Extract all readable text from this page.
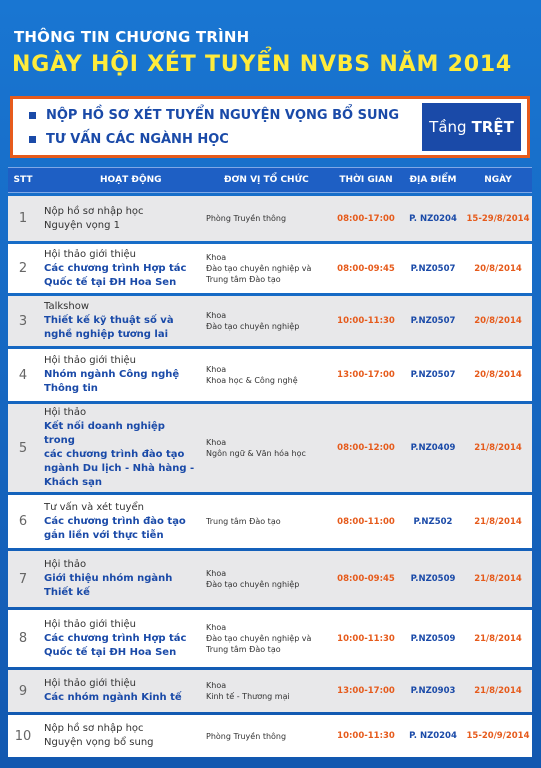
THÔNG TIN CHƯƠNG TRÌNH
NGÀY HỘI XÉT TUYỂN NVBS NĂM 2014
NỘP HỒ SƠ XÉT TUYỂN NGUYỆN VỌNG BỔ SUNG
TƯ VẤN CÁC NGÀNH HỌC
Tầng TRỆT
STT	HOẠT ĐỘNG	ĐƠN VỊ TỔ CHỨC	THỜI GIAN	ĐỊA ĐIỂM	NGÀY
1	Nộp hồ sơ nhập học
Nguyện vọng 1	Phòng Truyền thông	08:00-17:00	P. NZ0204	15-29/8/2014
2	Hội thảo giới thiệu
Các chương trình Hợp tác
Quốc tế tại ĐH Hoa Sen	Khoa
Đào tạo chuyên nghiệp và
Trung tâm Đào tạo	08:00-09:45	P.NZ0507	20/8/2014
3	Talkshow
Thiết kế kỹ thuật số và
nghề nghiệp tương lai	Khoa
Đào tạo chuyên nghiệp	10:00-11:30	P.NZ0507	20/8/2014
4	Hội thảo giới thiệu
Nhóm ngành Công nghệ
Thông tin	Khoa
Khoa học & Công nghệ	13:00-17:00	P.NZ0507	20/8/2014
5	Hội thảo
Kết nối doanh nghiệp trong
các chương trình đào tạo
ngành Du lịch - Nhà hàng -
Khách sạn	Khoa
Ngôn ngữ & Văn hóa học	08:00-12:00	P.NZ0409	21/8/2014
6	Tư vấn và xét tuyển
Các chương trình đào tạo
gắn liền với thực tiễn	Trung tâm Đào tạo	08:00-11:00	P.NZ502	21/8/2014
7	Hội thảo
Giới thiệu nhóm ngành
Thiết kế	Khoa
Đào tạo chuyên nghiệp	08:00-09:45	P.NZ0509	21/8/2014
8	Hội thảo giới thiệu
Các chương trình Hợp tác
Quốc tế tại ĐH Hoa Sen	Khoa
Đào tạo chuyên nghiệp và
Trung tâm Đào tạo	10:00-11:30	P.NZ0509	21/8/2014
9	Hội thảo giới thiệu
Các nhóm ngành Kinh tế	Khoa
Kinh tế - Thương mại	13:00-17:00	P.NZ0903	21/8/2014
10	Nộp hồ sơ nhập học
Nguyện vọng bổ sung	Phòng Truyền thông	10:00-11:30	P. NZ0204	15-20/9/2014
